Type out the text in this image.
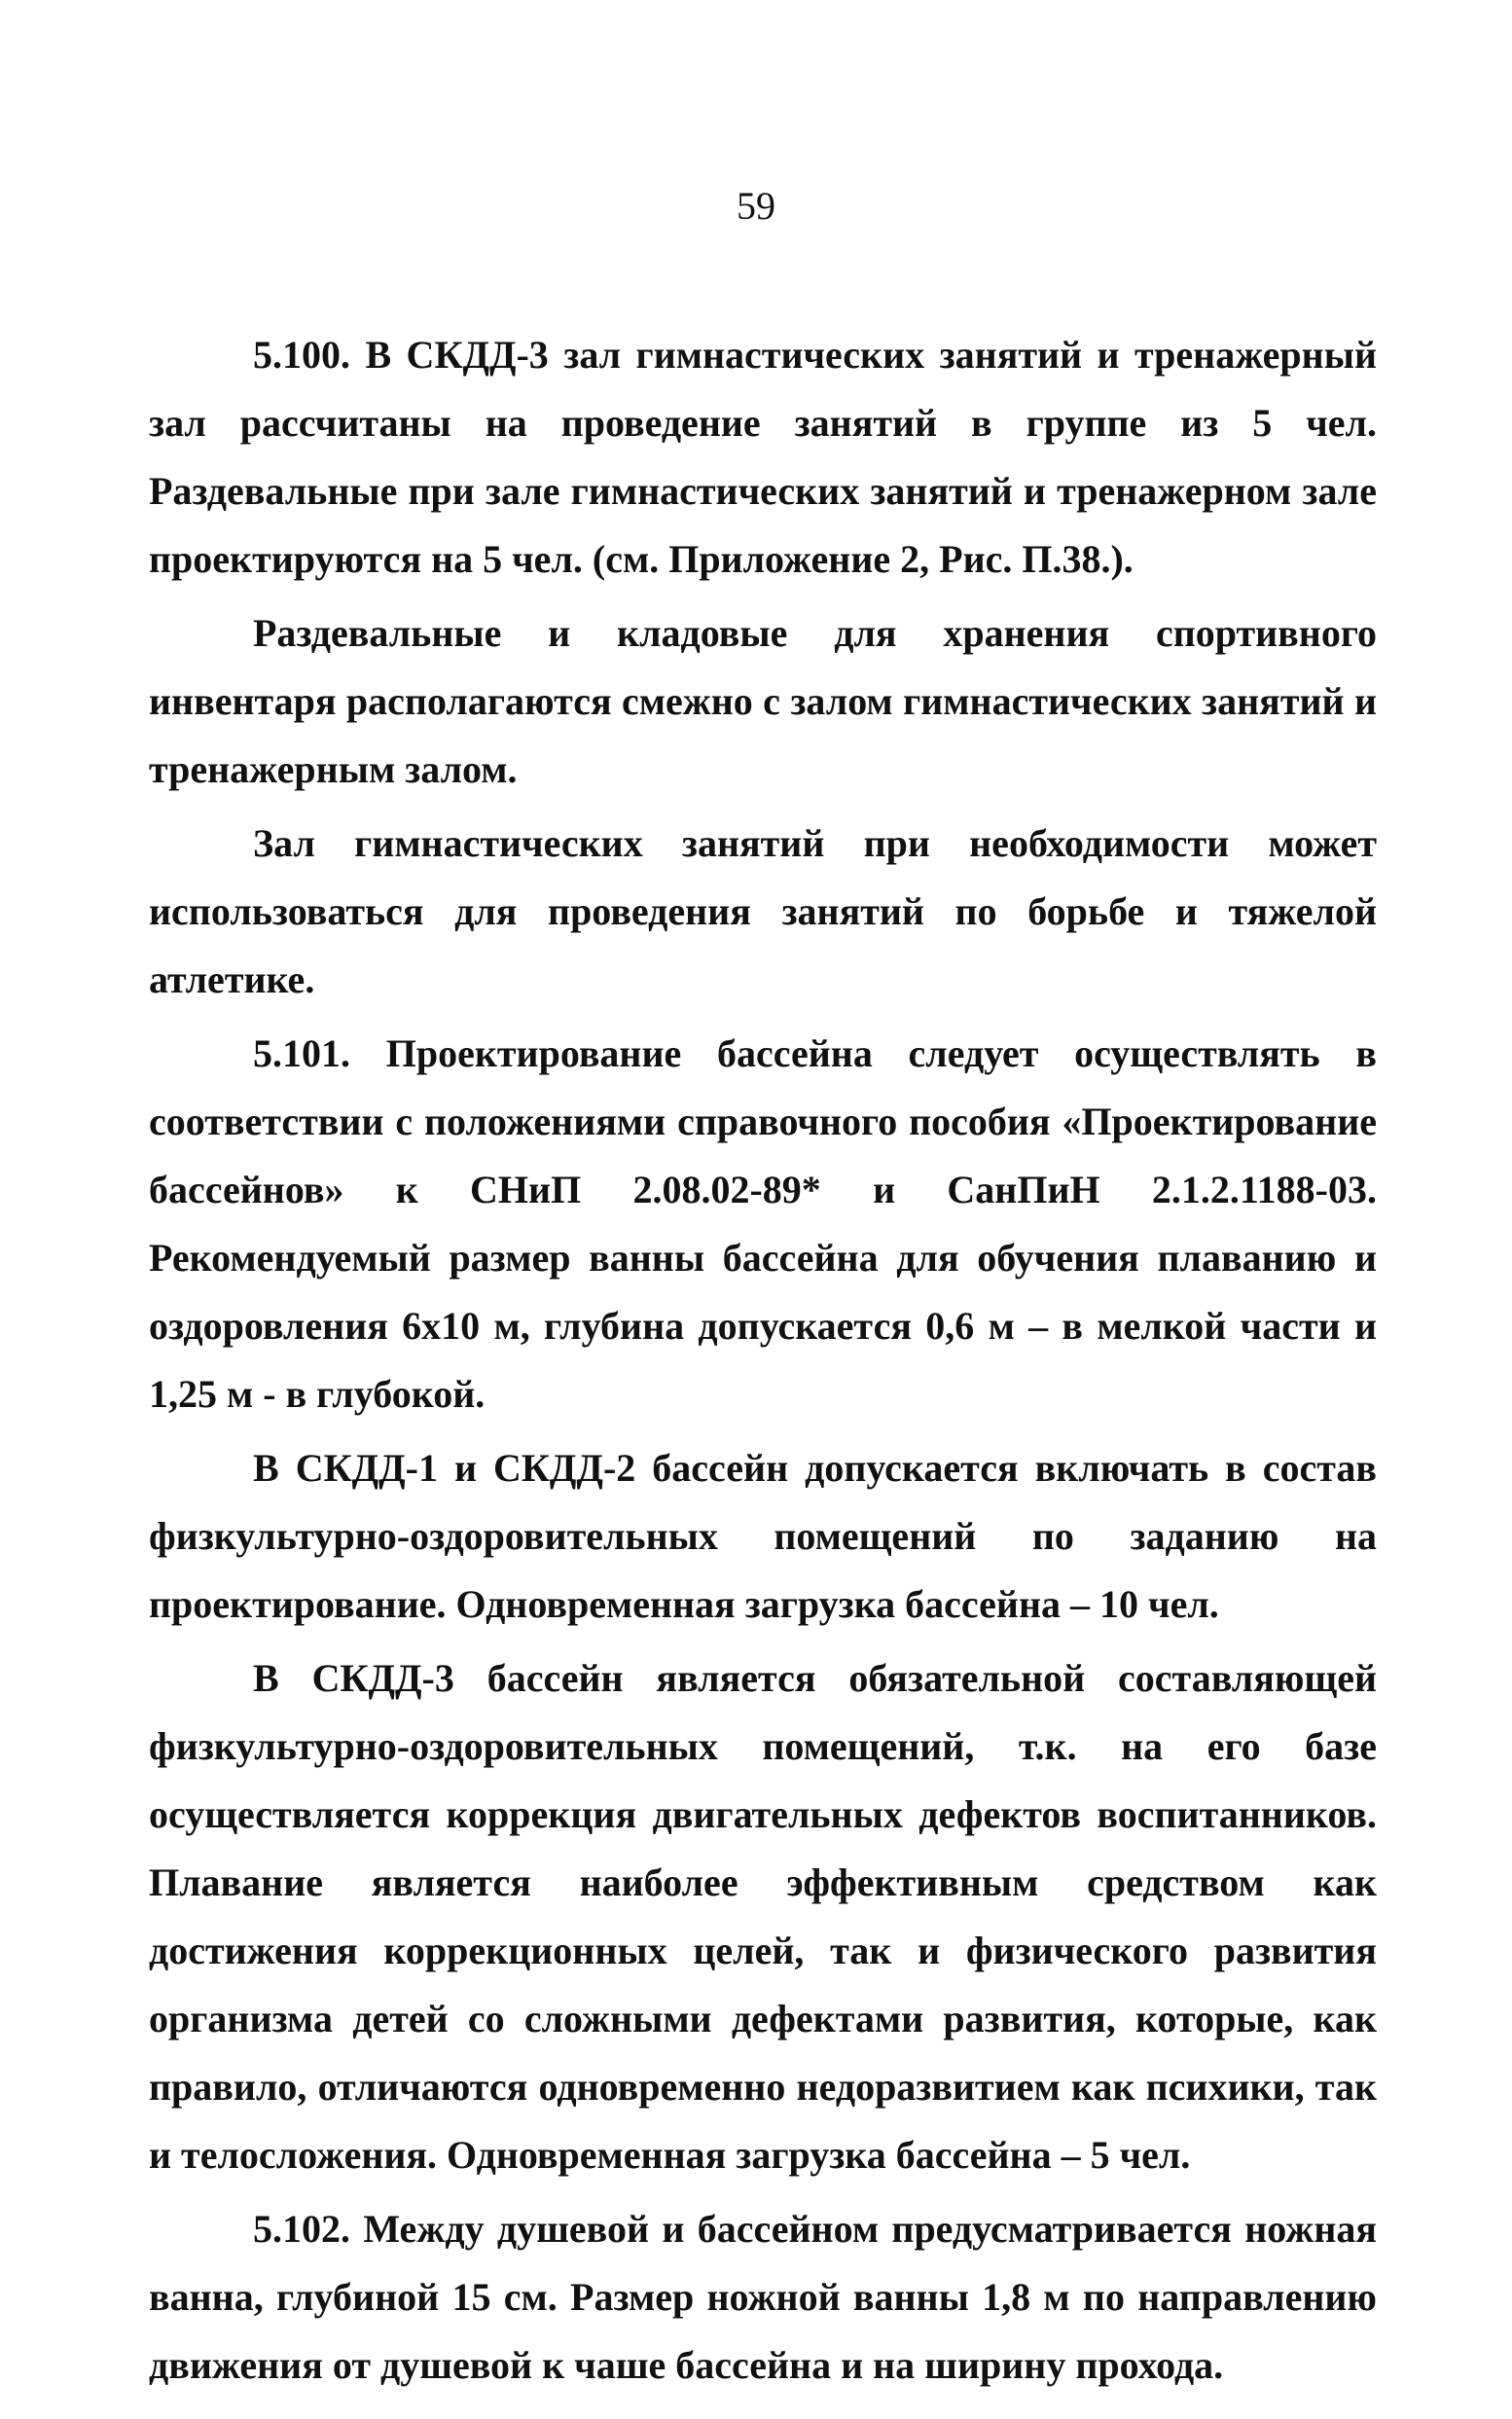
59

5.100. В СКДД-3 зал гимнастических занятий и тренажерный зал рассчитаны на проведение занятий в группе из 5 чел. Раздевальные при зале гимнастических занятий и тренажерном зале проектируются на 5 чел. (см. Приложение 2, Рис. П.38.).

Раздевальные и кладовые для хранения спортивного инвентаря располагаются смежно с залом гимнастических занятий и тренажерным залом.

Зал гимнастических занятий при необходимости может использоваться для проведения занятий по борьбе и тяжелой атлетике.

5.101. Проектирование бассейна следует осуществлять в соответствии с положениями справочного пособия «Проектирование бассейнов» к СНиП 2.08.02-89* и СанПиН 2.1.2.1188-03. Рекомендуемый размер ванны бассейна для обучения плаванию и оздоровления 6х10 м, глубина допускается 0,6 м – в мелкой части и 1,25 м - в глубокой.

В СКДД-1 и СКДД-2 бассейн допускается включать в состав физкультурно-оздоровительных помещений по заданию на проектирование. Одновременная загрузка бассейна – 10 чел.

В СКДД-3 бассейн является обязательной составляющей физкультурно-оздоровительных помещений, т.к. на его базе осуществляется коррекция двигательных дефектов воспитанников. Плавание является наиболее эффективным средством как достижения коррекционных целей, так и физического развития организма детей со сложными дефектами развития, которые, как правило, отличаются одновременно недоразвитием как психики, так и телосложения. Одновременная загрузка бассейна – 5 чел.

5.102. Между душевой и бассейном предусматривается ножная ванна, глубиной 15 см. Размер ножной ванны 1,8 м по направлению движения от душевой к чаше бассейна и на ширину прохода.
